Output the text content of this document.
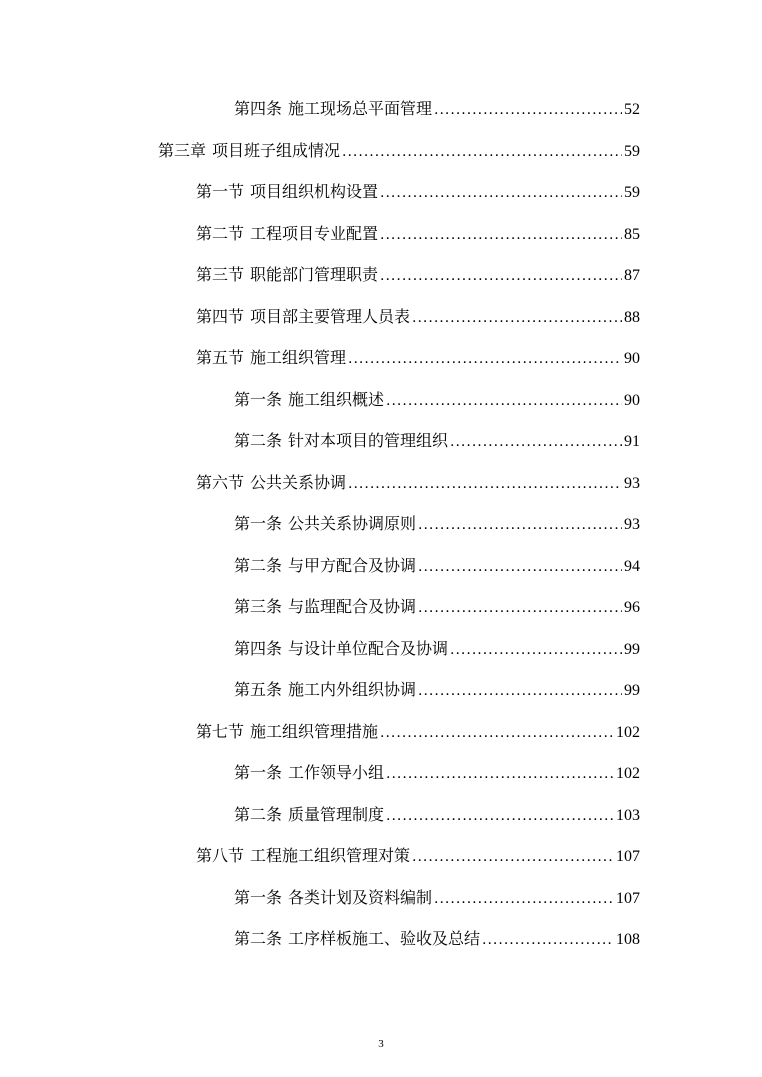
第四条 施工现场总平面管理 .....	52
第三章 项目班子组成情况 .....	59
第一节 项目组织机构设置 .....	59
第二节 工程项目专业配置 .....	85
第三节 职能部门管理职责 .....	87
第四节 项目部主要管理人员表 .....	88
第五节 施工组织管理 .....	90
第一条 施工组织概述 .....	90
第二条 针对本项目的管理组织 .....	91
第六节 公共关系协调 .....	93
第一条 公共关系协调原则 .....	93
第二条 与甲方配合及协调 .....	94
第三条 与监理配合及协调 .....	96
第四条 与设计单位配合及协调 .....	99
第五条 施工内外组织协调 .....	99
第七节 施工组织管理措施 .....	102
第一条 工作领导小组 .....	102
第二条 质量管理制度 .....	103
第八节 工程施工组织管理对策 .....	107
第一条 各类计划及资料编制 .....	107
第二条 工序样板施工、验收及总结 .....	108
3
